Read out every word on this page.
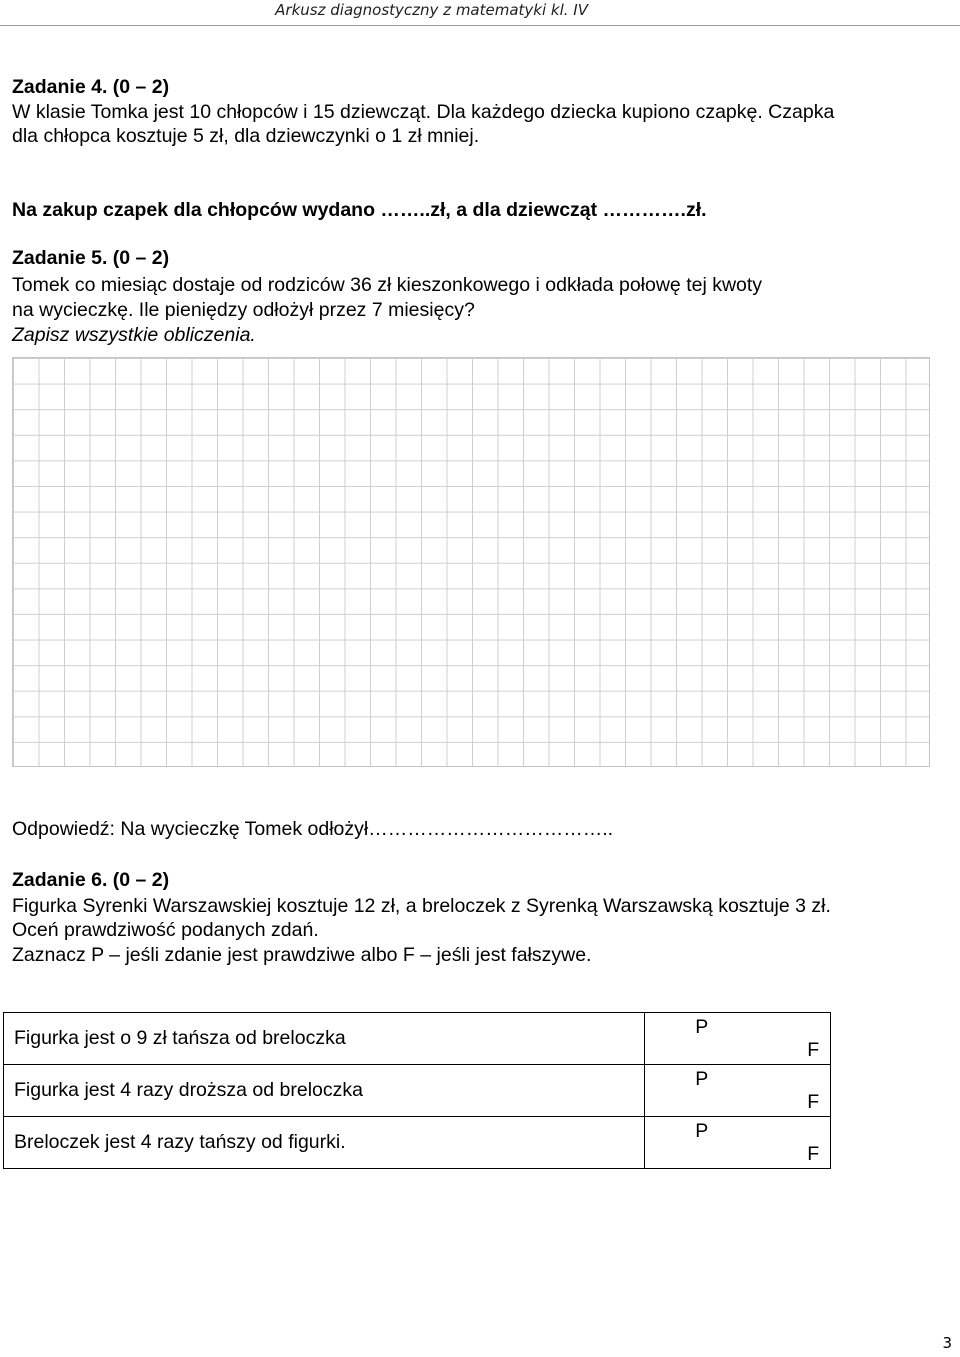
Arkusz diagnostyczny z matematyki kl. IV
Zadanie 4. (0 – 2)
W klasie Tomka jest 10 chłopców i 15 dziewcząt. Dla każdego dziecka kupiono czapkę. Czapka
dla chłopca kosztuje 5 zł, dla dziewczynki o 1 zł mniej.
Na zakup czapek dla chłopców wydano ……..zł, a dla dziewcząt ………….zł.
Zadanie 5. (0 – 2)
Tomek co miesiąc dostaje od rodziców 36 zł kieszonkowego i odkłada połowę tej kwoty
na wycieczkę. Ile pieniędzy odłożył przez 7 miesięcy?
Zapisz wszystkie obliczenia.
Odpowiedź: Na wycieczkę Tomek odłożył………………………………..
Zadanie 6. (0 – 2)
Figurka Syrenki Warszawskiej kosztuje 12 zł, a breloczek z Syrenką Warszawską kosztuje 3 zł.
Oceń prawdziwość podanych zdań.
Zaznacz P – jeśli zdanie jest prawdziwe albo F – jeśli jest fałszywe.
Figurka jest o 9 zł tańsza od breloczka	PF
Figurka jest 4 razy droższa od breloczka	PF
Breloczek jest 4 razy tańszy od figurki.	PF
3
